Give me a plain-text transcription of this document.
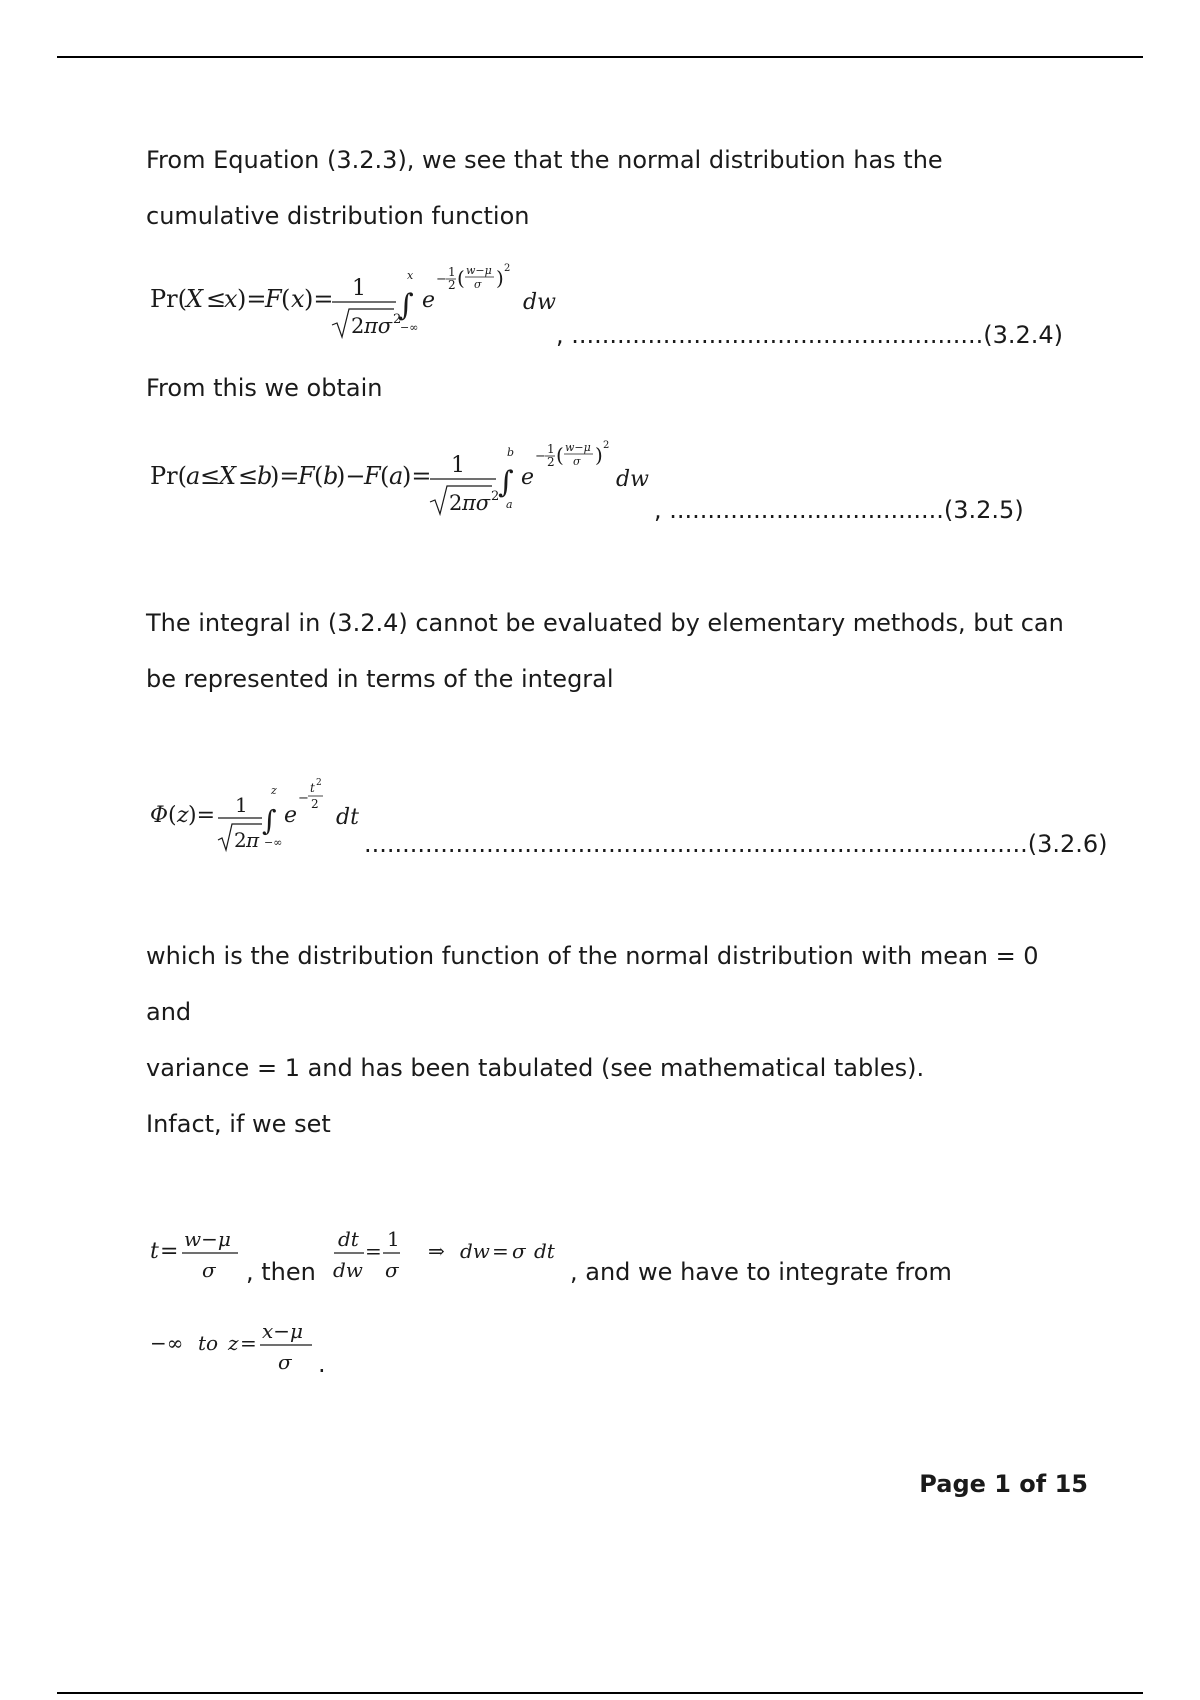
From Equation (3.2.3), we see that the normal distribution has the
cumulative distribution function
Pr( X ≤
x )=
F ( x )= 1
2 πσ 2
∫
x
−∞
e
− 1
2 ( w−μ
σ ) 2
dw
, ......................................................(3.2.4)
From this we obtain
Pr( a ≤
X ≤
b
)=
F ( b
)−
F ( a
)= 1
2 πσ 2
∫
b
a
e
− 1
2 ( w−μ
σ ) 2
dw
, ....................................(3.2.5)
The integral in (3.2.4) cannot be evaluated by elementary methods, but can
be represented in terms of the integral
Φ ( z )= 1
2 π
∫
z
−∞
e
−
t 2
2
dt
.......................................................................................(3.2.6)
which is the distribution function of the normal distribution with mean = 0
and
variance = 1 and has been tabulated (see mathematical tables).
Infact, if we set
t = w−μ
σ , then
dt
dw
= 1
σ
⇒ dw = σ dt
, and we have to integrate from
−∞ to z = x−μ
σ .
Page 1 of 15
